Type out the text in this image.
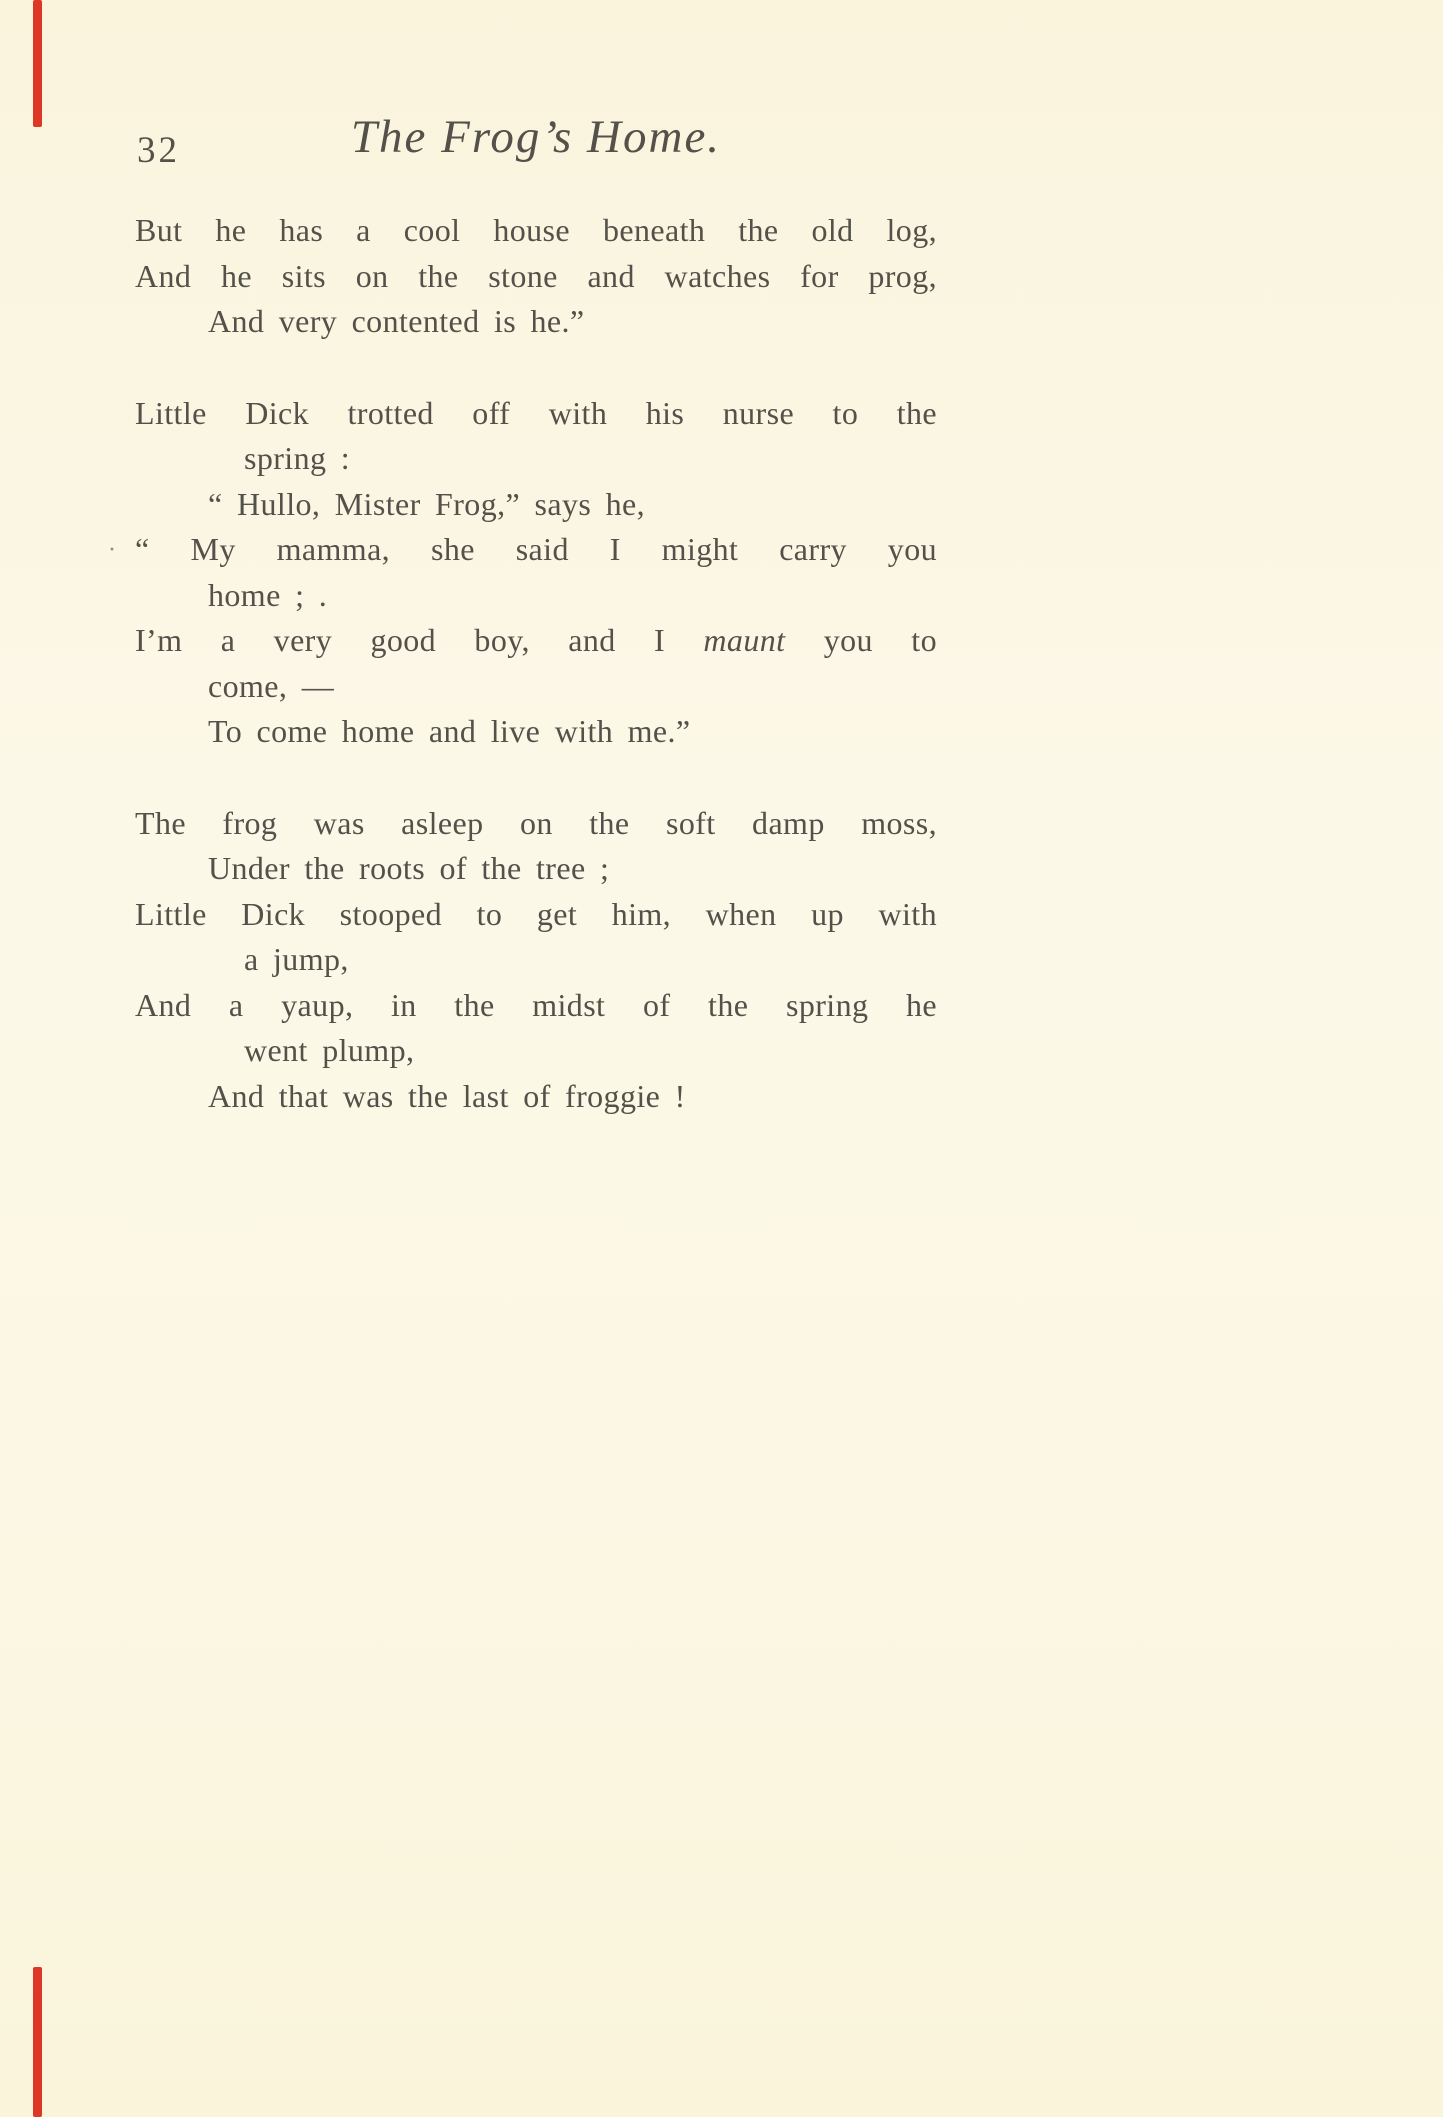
32	The Frog’s Home.
But he has a cool house beneath the old log,
And he sits on the stone and watches for prog,
And very contented is he.”
Little Dick trotted off with his nurse to the
spring :
“ Hullo, Mister Frog,” says he,
· “ My mamma, she said I might carry you
home ; .
I’m a very good boy, and I maunt you to
come, —
To come home and live with me.”
The frog was asleep on the soft damp moss,
Under the roots of the tree ;
Little Dick stooped to get him, when up with
a jump,
And a yaup, in the midst of the spring he
went plump,
And that was the last of froggie !
